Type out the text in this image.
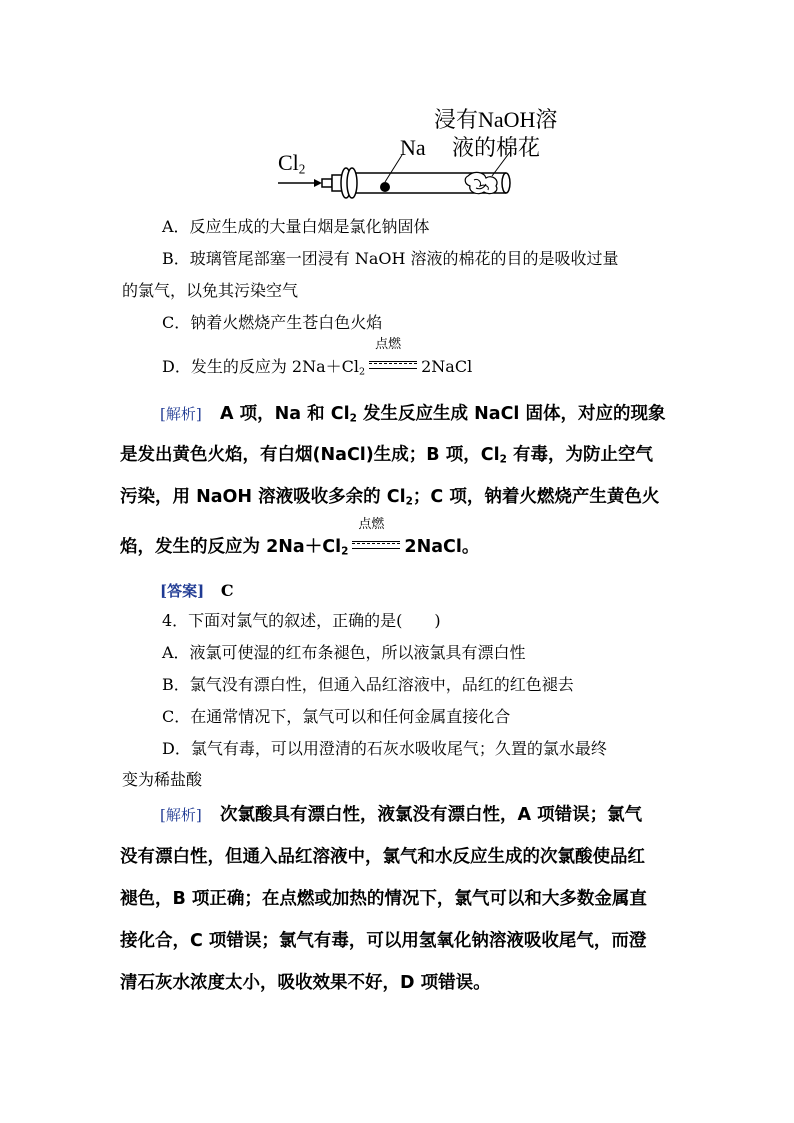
$Cl_2$
Na
浸有NaOH溶
液的棉花
A．反应生成的大量白烟是氯化钠固体
B．玻璃管尾部塞一团浸有 NaOH 溶液的棉花的目的是吸收过量
的氯气，以免其污染空气
C．钠着火燃烧产生苍白色火焰
D．发生的反应为 $2Na+Cl_2$
点燃
2NaCl
[解析] A 项，Na 和 $Cl_2$ 发生反应生成 NaCl 固体，对应的现象
是发出黄色火焰，有白烟(NaCl)生成；B 项，$Cl_2$ 有毒，为防止空气
污染，用 NaOH 溶液吸收多余的 $Cl_2$；C 项，钠着火燃烧产生黄色火
焰，发生的反应为 $2Na+Cl_2$
点燃
2NaCl。
[答案] C
4．下面对氯气的叙述，正确的是(　　)
A．液氯可使湿的红布条褪色，所以液氯具有漂白性
B．氯气没有漂白性，但通入品红溶液中，品红的红色褪去
C．在通常情况下，氯气可以和任何金属直接化合
D．氯气有毒，可以用澄清的石灰水吸收尾气；久置的氯水最终
变为稀盐酸
[解析] 次氯酸具有漂白性，液氯没有漂白性，A 项错误；氯气
没有漂白性，但通入品红溶液中，氯气和水反应生成的次氯酸使品红
褪色，B 项正确；在点燃或加热的情况下，氯气可以和大多数金属直
接化合，C 项错误；氯气有毒，可以用氢氧化钠溶液吸收尾气，而澄
清石灰水浓度太小，吸收效果不好，D 项错误。
